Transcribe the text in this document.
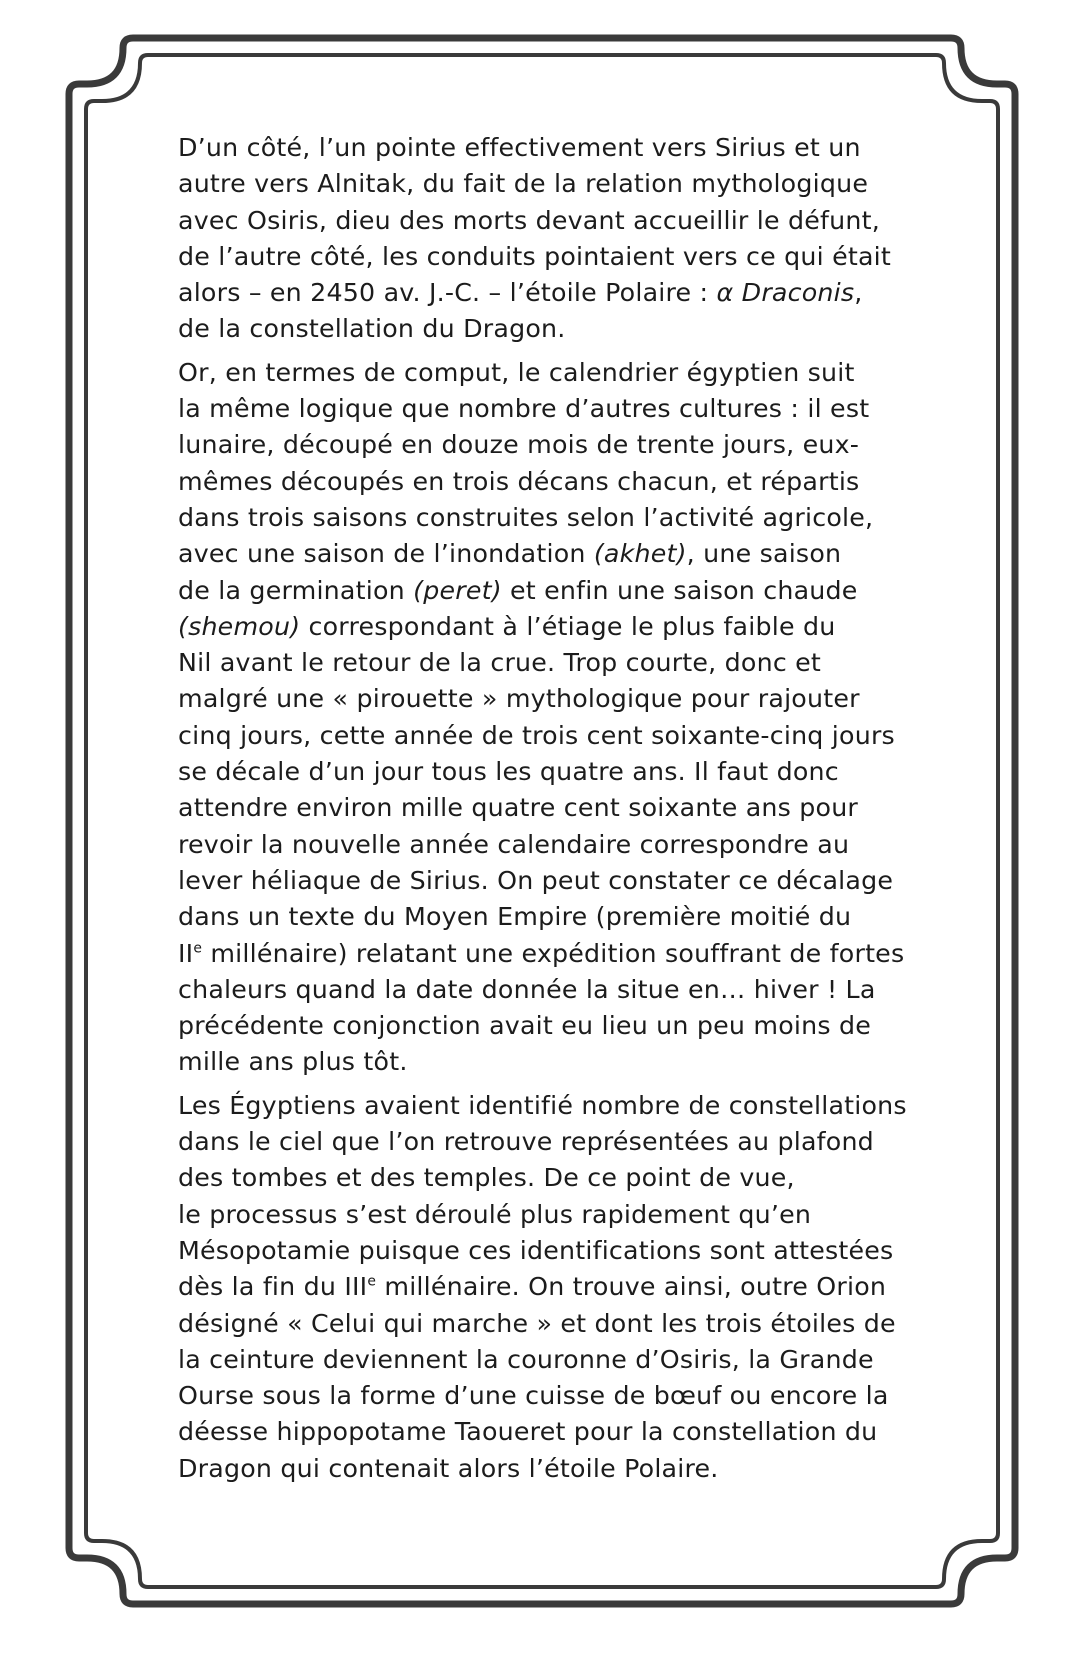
D’un côté, l’un pointe effectivement vers Sirius et un
autre vers Alnitak, du fait de la relation mythologique
avec Osiris, dieu des morts devant accueillir le défunt,
de l’autre côté, les conduits pointaient vers ce qui était
alors – en 2450 av. J.-C. – l’étoile Polaire : α Draconis,
de la constellation du Dragon.

Or, en termes de comput, le calendrier égyptien suit
la même logique que nombre d’autres cultures : il est
lunaire, découpé en douze mois de trente jours, eux-
mêmes découpés en trois décans chacun, et répartis
dans trois saisons construites selon l’activité agricole,
avec une saison de l’inondation (akhet), une saison
de la germination (peret) et enfin une saison chaude
(shemou) correspondant à l’étiage le plus faible du
Nil avant le retour de la crue. Trop courte, donc et
malgré une « pirouette » mythologique pour rajouter
cinq jours, cette année de trois cent soixante-cinq jours
se décale d’un jour tous les quatre ans. Il faut donc
attendre environ mille quatre cent soixante ans pour
revoir la nouvelle année calendaire correspondre au
lever héliaque de Sirius. On peut constater ce décalage
dans un texte du Moyen Empire (première moitié du
IIe millénaire) relatant une expédition souffrant de fortes
chaleurs quand la date donnée la situe en… hiver ! La
précédente conjonction avait eu lieu un peu moins de
mille ans plus tôt.

Les Égyptiens avaient identifié nombre de constellations
dans le ciel que l’on retrouve représentées au plafond
des tombes et des temples. De ce point de vue,
le processus s’est déroulé plus rapidement qu’en
Mésopotamie puisque ces identifications sont attestées
dès la fin du IIIe millénaire. On trouve ainsi, outre Orion
désigné « Celui qui marche » et dont les trois étoiles de
la ceinture deviennent la couronne d’Osiris, la Grande
Ourse sous la forme d’une cuisse de bœuf ou encore la
déesse hippopotame Taoueret pour la constellation du
Dragon qui contenait alors l’étoile Polaire.
